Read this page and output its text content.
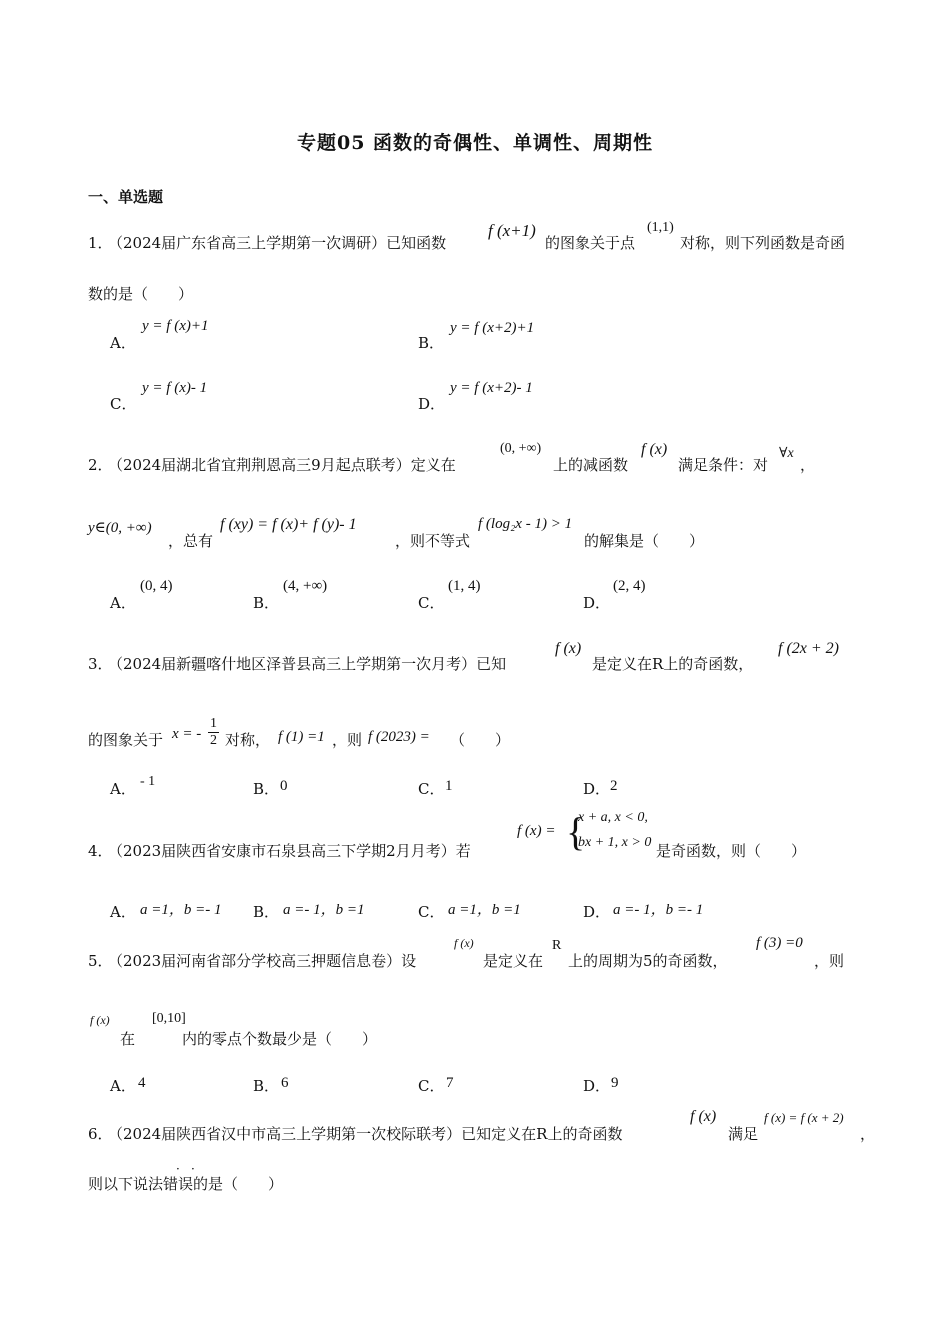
专题05 函数的奇偶性、单调性、周期性
一、单选题
1．
（2024届广东省高三上学期第一次调研）已知函数
f (x+1)
的图象关于点
(1,1)
对称，则下列函数是奇函
数的是（　　）
A．
y = f (x)+1
B．
y = f (x+2)+1
C．
y = f (x)- 1
D．
y = f (x+2)- 1
2．
（2024届湖北省宜荆荆恩高三9月起点联考）定义在
(0, +∞)
上的减函数
f (x)
满足条件：对
∀x
，
y∈(0, +∞)
，总有
f (xy) = f (x)+ f (y)- 1
，则不等式
f (log₂x - 1) > 1
的解集是（　　）
A．
(0, 4)
B．
(4, +∞)
C．
(1, 4)
D．
(2, 4)
3．
（2024届新疆喀什地区泽普县高三上学期第一次月考）已知
f (x)
是定义在R上的奇函数，
f (2x + 2)
的图象关于 x = - $\frac{1}{2}$ 对称， f (1) =1 ，则 f (2023) = （　　）
A． - 1	B． 0	C． 1	D． 2
4．
（2023届陕西省安康市石泉县高三下学期2月月考）若
f (x) = {
x + a, x < 0,
bx + 1, x > 0 是奇函数，则（　　）
A． a =1，b =- 1 B． a =- 1，b =1	C． a =1，b =1	D． a =- 1，b =- 1
5．
（2023届河南省部分学校高三押题信息卷）设
f (x)
是定义在
R
上的周期为5的奇函数，
f (3) =0
，则
f (x)
在
[0,10]
内的零点个数最少是（　　）
A． 4	B． 6	C． 7	D． 9
6．
（2024届陕西省汉中市高三上学期第一次校际联考）已知定义在R上的奇函数
f (x)
满足
f (x) = f (x + 2)
，
· ·
则以下说法错误的是（　　）
